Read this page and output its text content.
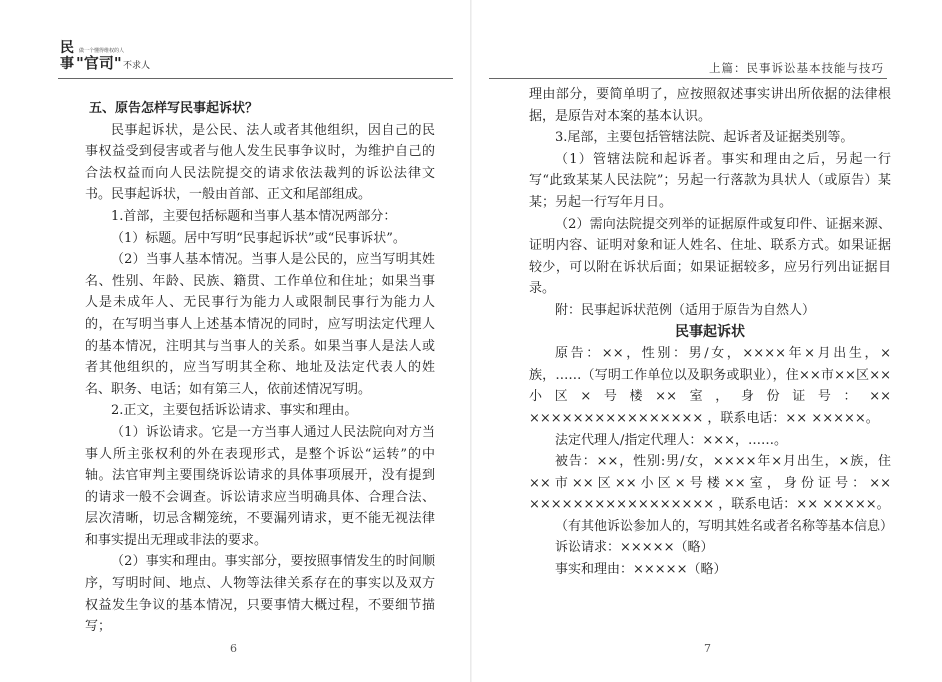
民
事
做一个懂得维权的人
"官司" 不求人

五、原告怎样写民事起诉状？

民事起诉状，是公民、法人或者其他组织，因自己的民事权益受到侵害或者与他人发生民事争议时，为维护自己的合法权益而向人民法院提交的请求依法裁判的诉讼法律文书。民事起诉状，一般由首部、正文和尾部组成。

1.首部，主要包括标题和当事人基本情况两部分：

（1）标题。居中写明“民事起诉状”或“民事诉状”。

（2）当事人基本情况。当事人是公民的，应当写明其姓名、性别、年龄、民族、籍贯、工作单位和住址；如果当事人是未成年人、无民事行为能力人或限制民事行为能力人的，在写明当事人上述基本情况的同时，应写明法定代理人的基本情况，注明其与当事人的关系。如果当事人是法人或者其他组织的，应当写明其全称、地址及法定代表人的姓名、职务、电话；如有第三人，依前述情况写明。

2.正文，主要包括诉讼请求、事实和理由。

（1）诉讼请求。它是一方当事人通过人民法院向对方当事人所主张权利的外在表现形式，是整个诉讼“运转”的中轴。法官审判主要围绕诉讼请求的具体事项展开，没有提到的请求一般不会调查。诉讼请求应当明确具体、合理合法、层次清晰，切忌含糊笼统，不要漏列请求，更不能无视法律和事实提出无理或非法的要求。

（2）事实和理由。事实部分，要按照事情发生的时间顺序，写明时间、地点、人物等法律关系存在的事实以及双方权益发生争议的基本情况，只要事情大概过程，不要细节描写；

6
上篇：民事诉讼基本技能与技巧

理由部分，要简单明了，应按照叙述事实讲出所依据的法律根据，是原告对本案的基本认识。

3.尾部，主要包括管辖法院、起诉者及证据类别等。

（1）管辖法院和起诉者。事实和理由之后，另起一行写“此致某某人民法院”；另起一行落款为具状人（或原告）某某；另起一行写年月日。

（2）需向法院提交列举的证据原件或复印件、证据来源、证明内容、证明对象和证人姓名、住址、联系方式。如果证据较少，可以附在诉状后面；如果证据较多，应另行列出证据目录。

附：民事起诉状范例（适用于原告为自然人）

民事起诉状

原告：××，性别：男/女，××××年×月出生，×族，……（写明工作单位以及职务或职业），住××市××区××小区×号楼××室，身份证号：×× ×××××××××××××××× ，联系电话：×× ×××××。

法定代理人/指定代理人：×××，……。

被告：××，性别:男/女，××××年×月出生，×族，住××市××区××小区×号楼××室，身份证号：×× ××××××××××××××××× ，联系电话：×× ×××××。

（有其他诉讼参加人的，写明其姓名或者名称等基本信息）

诉讼请求：×××××（略）

事实和理由：×××××（略）

7
